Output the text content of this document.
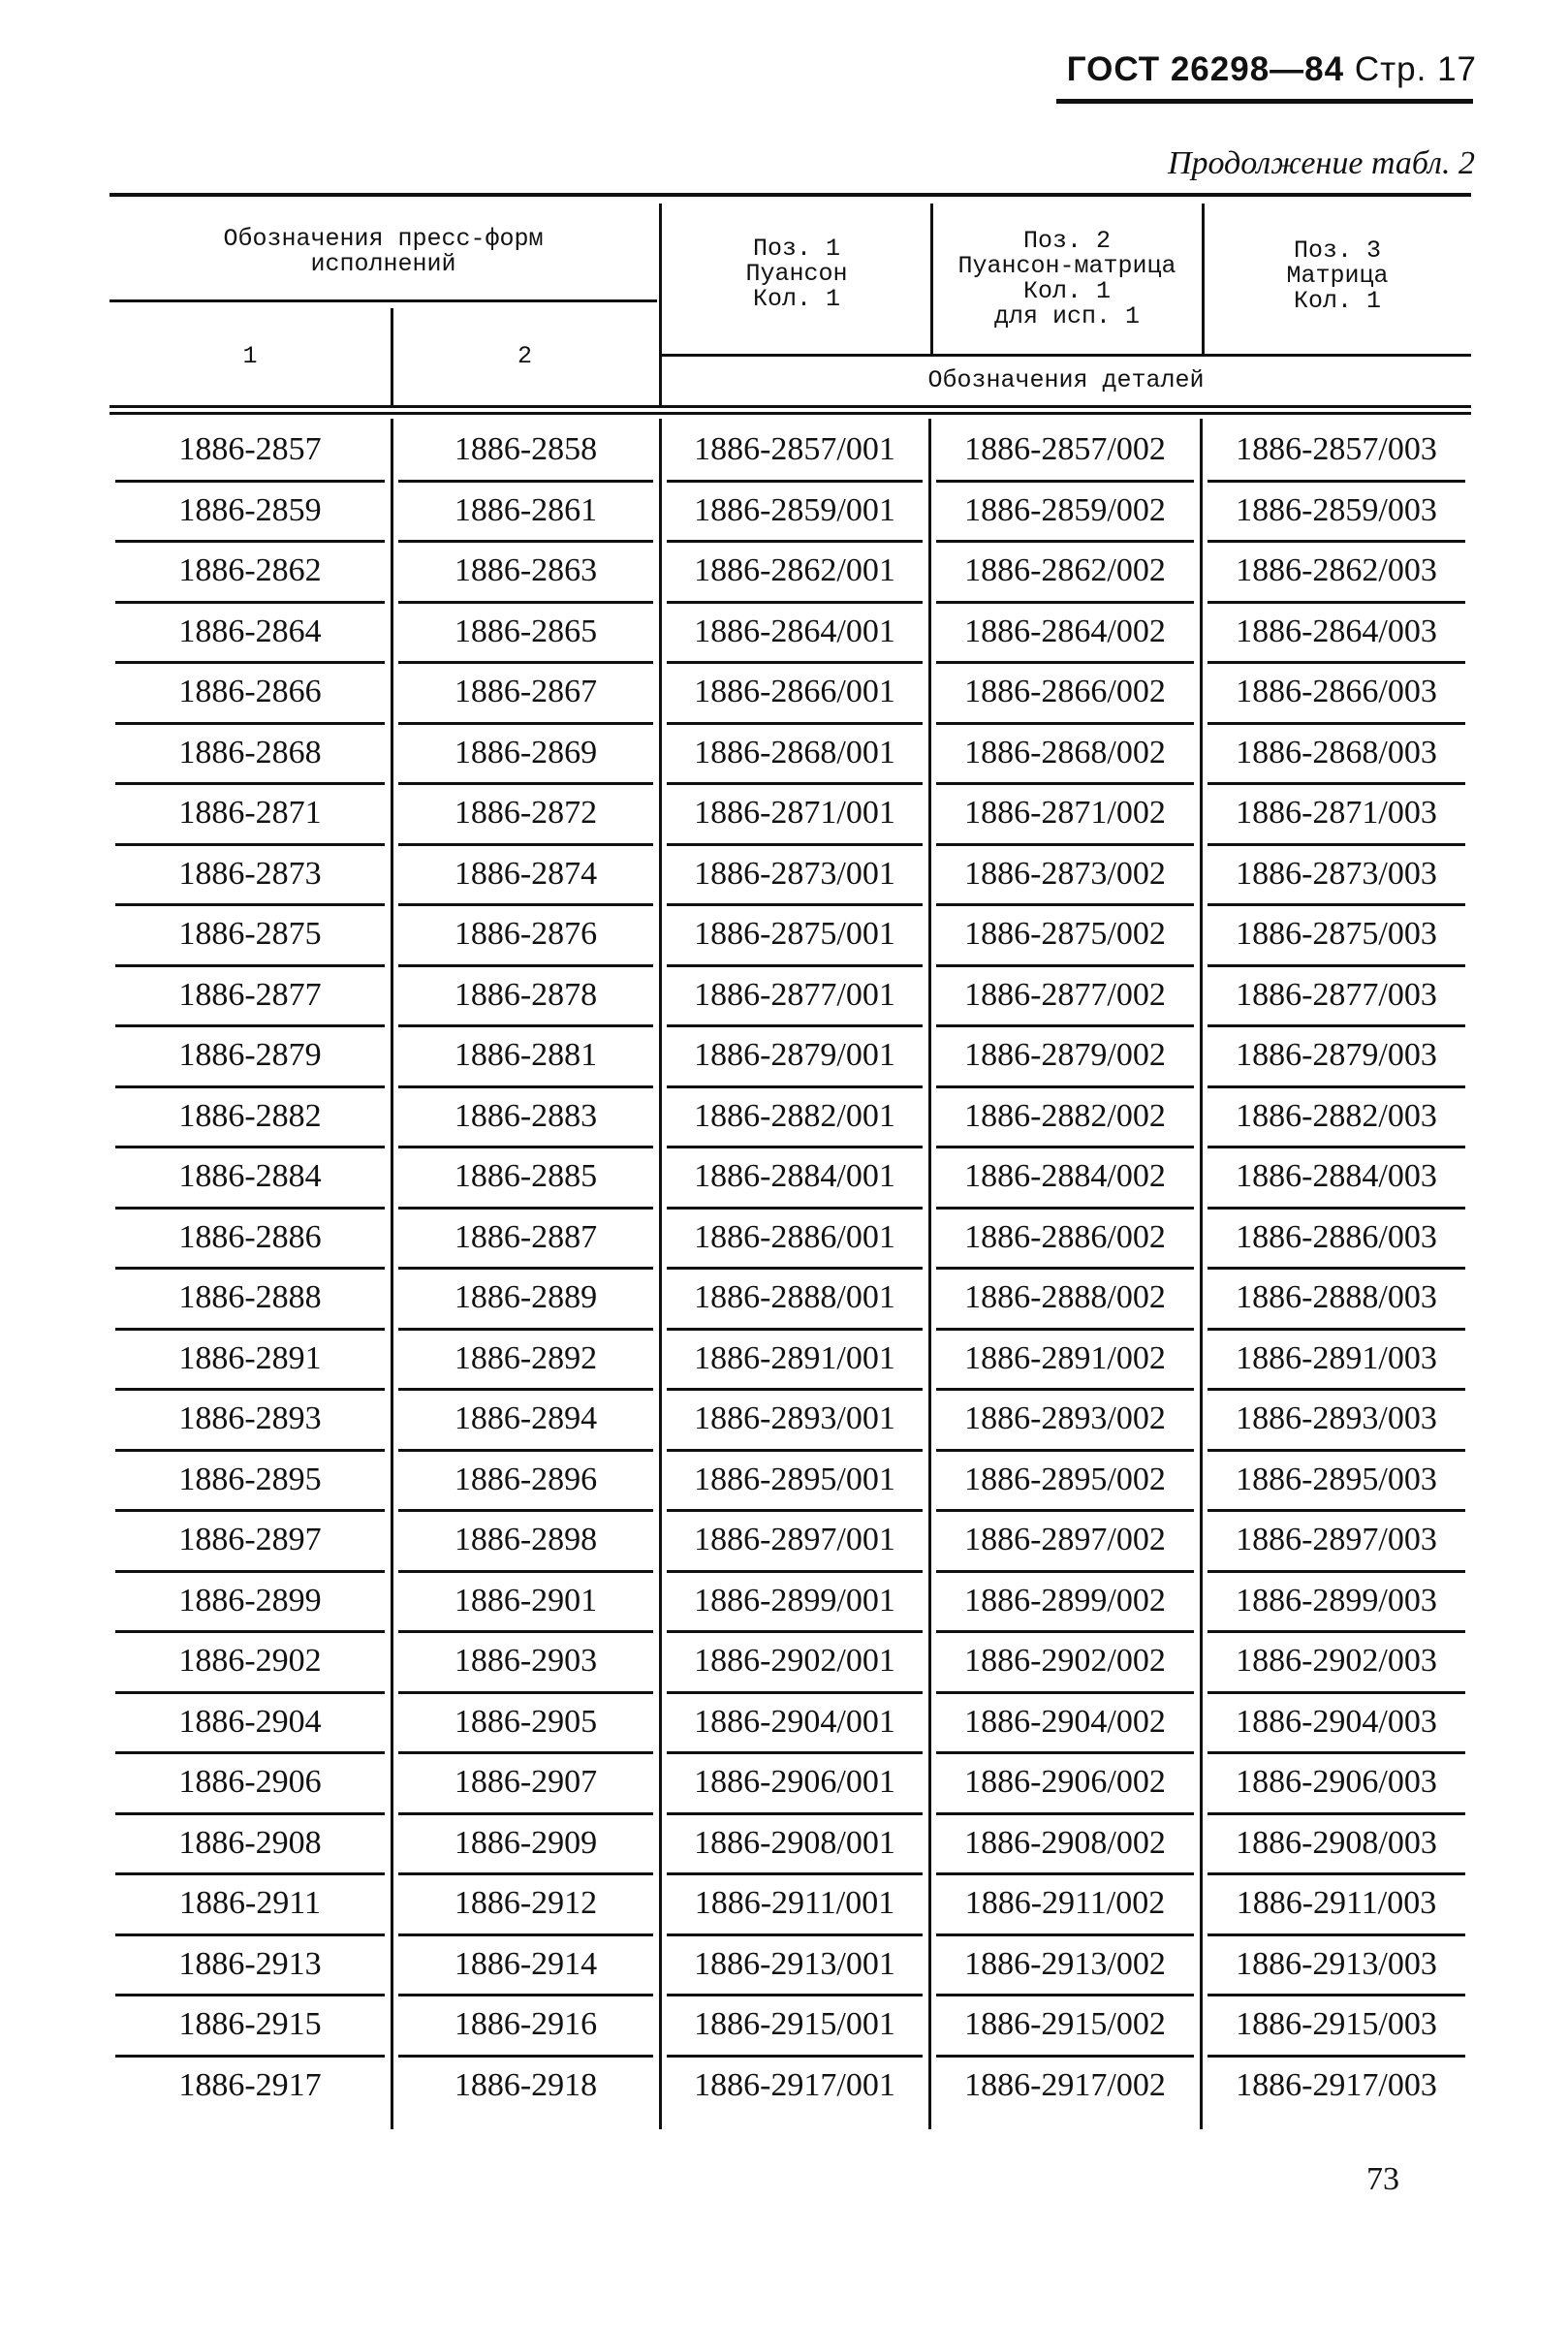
ГОСТ 26298—84 Стр. 17
Продолжение табл. 2
Обозначения пресс-форм
исполнений
1	2
Поз. 1
Пуансон
Кол. 1
Поз. 2
Пуансон-матрица
Кол. 1
для исп. 1
Поз. 3
Матрица
Кол. 1
Обозначения деталей
1886-2857	1886-2858	1886-2857/001 1886-2857/002 1886-2857/003
1886-2859	1886-2861	1886-2859/001 1886-2859/002 1886-2859/003
1886-2862	1886-2863	1886-2862/001 1886-2862/002 1886-2862/003
1886-2864	1886-2865	1886-2864/001 1886-2864/002 1886-2864/003
1886-2866	1886-2867	1886-2866/001 1886-2866/002 1886-2866/003
1886-2868	1886-2869	1886-2868/001 1886-2868/002 1886-2868/003
1886-2871	1886-2872	1886-2871/001 1886-2871/002 1886-2871/003
1886-2873	1886-2874	1886-2873/001 1886-2873/002 1886-2873/003
1886-2875	1886-2876	1886-2875/001 1886-2875/002 1886-2875/003
1886-2877	1886-2878	1886-2877/001 1886-2877/002 1886-2877/003
1886-2879	1886-2881	1886-2879/001 1886-2879/002 1886-2879/003
1886-2882	1886-2883	1886-2882/001 1886-2882/002 1886-2882/003
1886-2884	1886-2885	1886-2884/001 1886-2884/002 1886-2884/003
1886-2886	1886-2887	1886-2886/001 1886-2886/002 1886-2886/003
1886-2888	1886-2889	1886-2888/001 1886-2888/002 1886-2888/003
1886-2891	1886-2892	1886-2891/001 1886-2891/002 1886-2891/003
1886-2893	1886-2894	1886-2893/001 1886-2893/002 1886-2893/003
1886-2895	1886-2896	1886-2895/001 1886-2895/002 1886-2895/003
1886-2897	1886-2898	1886-2897/001 1886-2897/002 1886-2897/003
1886-2899	1886-2901	1886-2899/001 1886-2899/002 1886-2899/003
1886-2902	1886-2903	1886-2902/001 1886-2902/002 1886-2902/003
1886-2904	1886-2905	1886-2904/001 1886-2904/002 1886-2904/003
1886-2906	1886-2907	1886-2906/001 1886-2906/002 1886-2906/003
1886-2908	1886-2909	1886-2908/001 1886-2908/002 1886-2908/003
1886-2911	1886-2912	1886-2911/001 1886-2911/002 1886-2911/003
1886-2913	1886-2914	1886-2913/001 1886-2913/002 1886-2913/003
1886-2915	1886-2916	1886-2915/001 1886-2915/002 1886-2915/003
1886-2917	1886-2918	1886-2917/001 1886-2917/002 1886-2917/003
73
